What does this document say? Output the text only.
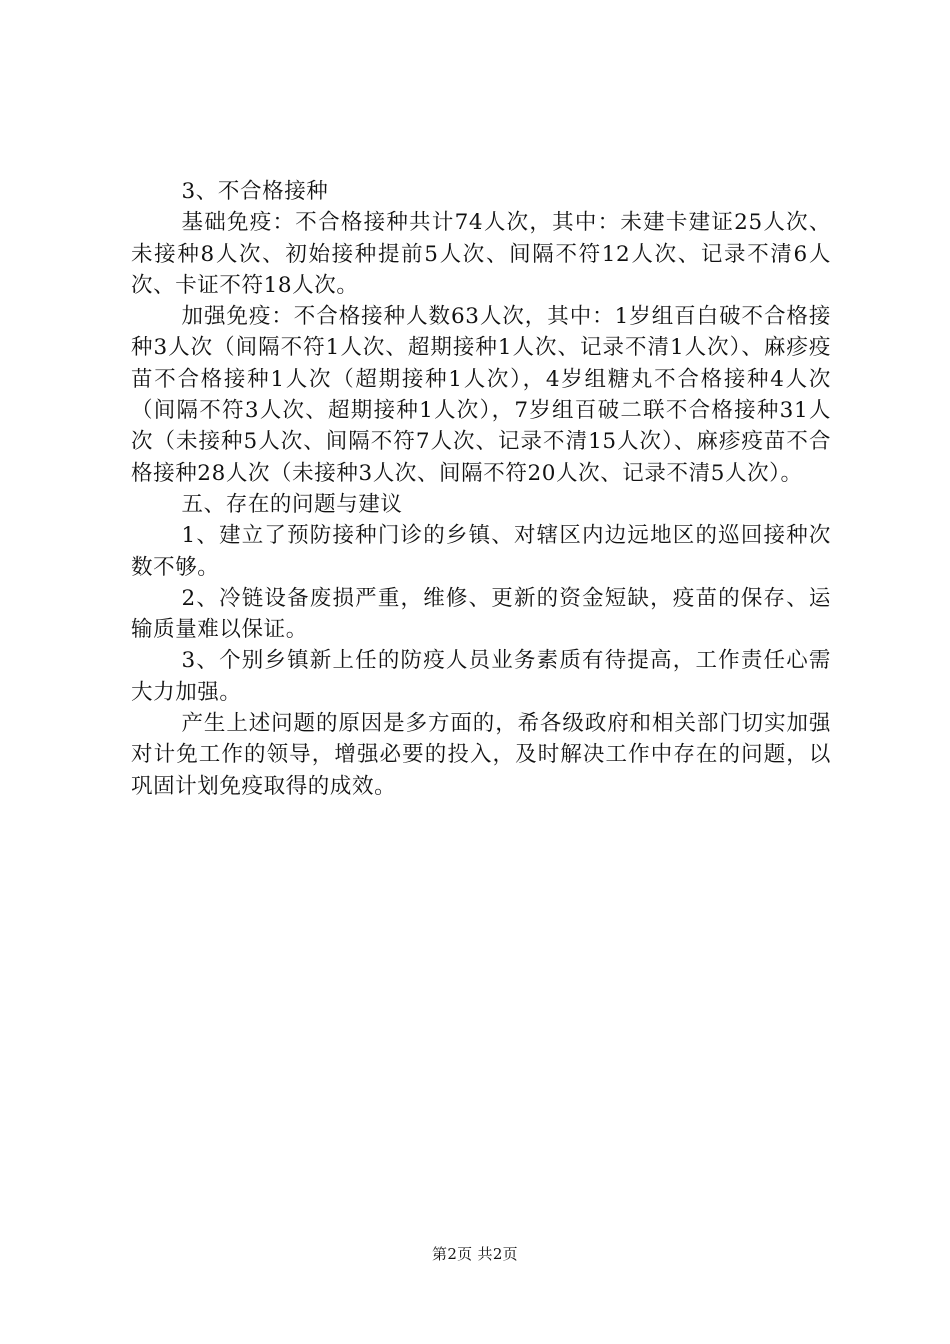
3、不合格接种

基础免疫：不合格接种共计74人次，其中：未建卡建证25人次、未接种8人次、初始接种提前5人次、间隔不符12人次、记录不清6人次、卡证不符18人次。

加强免疫：不合格接种人数63人次，其中：1岁组百白破不合格接种3人次（间隔不符1人次、超期接种1人次、记录不清1人次）、麻疹疫苗不合格接种1人次（超期接种1人次），4岁组糖丸不合格接种4人次（间隔不符3人次、超期接种1人次），7岁组百破二联不合格接种31人次（未接种5人次、间隔不符7人次、记录不清15人次）、麻疹疫苗不合格接种28人次（未接种3人次、间隔不符20人次、记录不清5人次）。

五、存在的问题与建议

1、建立了预防接种门诊的乡镇、对辖区内边远地区的巡回接种次数不够。

2、冷链设备废损严重，维修、更新的资金短缺，疫苗的保存、运输质量难以保证。

3、个别乡镇新上任的防疫人员业务素质有待提高，工作责任心需大力加强。

产生上述问题的原因是多方面的，希各级政府和相关部门切实加强对计免工作的领导，增强必要的投入，及时解决工作中存在的问题，以巩固计划免疫取得的成效。

第2页 共2页
